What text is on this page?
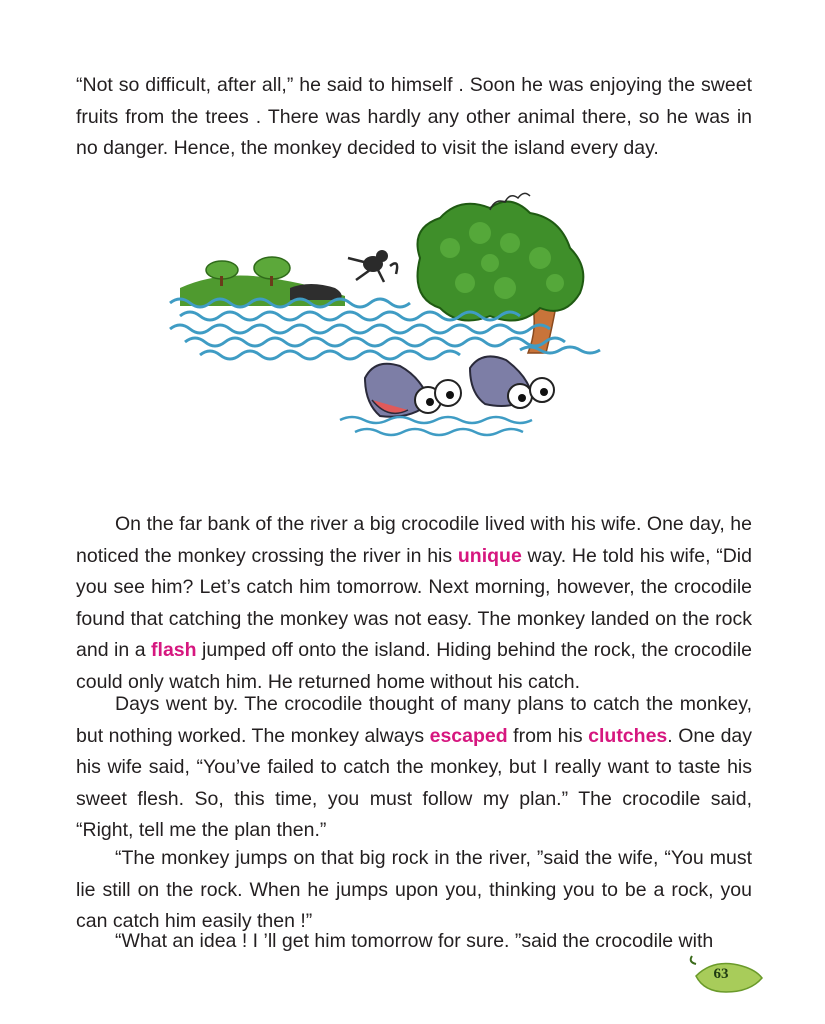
“Not so difficult, after all,” he said to himself . Soon he was enjoying the sweet fruits from the trees . There was hardly any other animal there, so he was in no danger. Hence, the monkey decided to visit the island every day.

On the far bank of the river a big crocodile lived with his wife. One day, he noticed the monkey crossing the river in his unique way. He told his wife, “Did you see him? Let’s catch him tomorrow. Next morning, however, the crocodile found that catching the monkey was not easy. The monkey landed on the rock and in a flash jumped off onto the island. Hiding behind the rock, the crocodile could only watch him. He returned home without his catch.

Days went by. The crocodile thought of many plans to catch the monkey, but nothing worked. The monkey always escaped from his clutches. One day his wife said, “You’ve failed to catch the monkey, but I really want to taste his sweet flesh. So, this time, you must follow my plan.” The crocodile said, “Right, tell me the plan then.”

“The monkey jumps on that big rock in the river, ”said the wife, “You must lie still on the rock. When he jumps upon you, thinking you to be a rock, you can catch him easily then !”

“What an idea ! I ’ll get him tomorrow for sure. ”said the crocodile with

63
